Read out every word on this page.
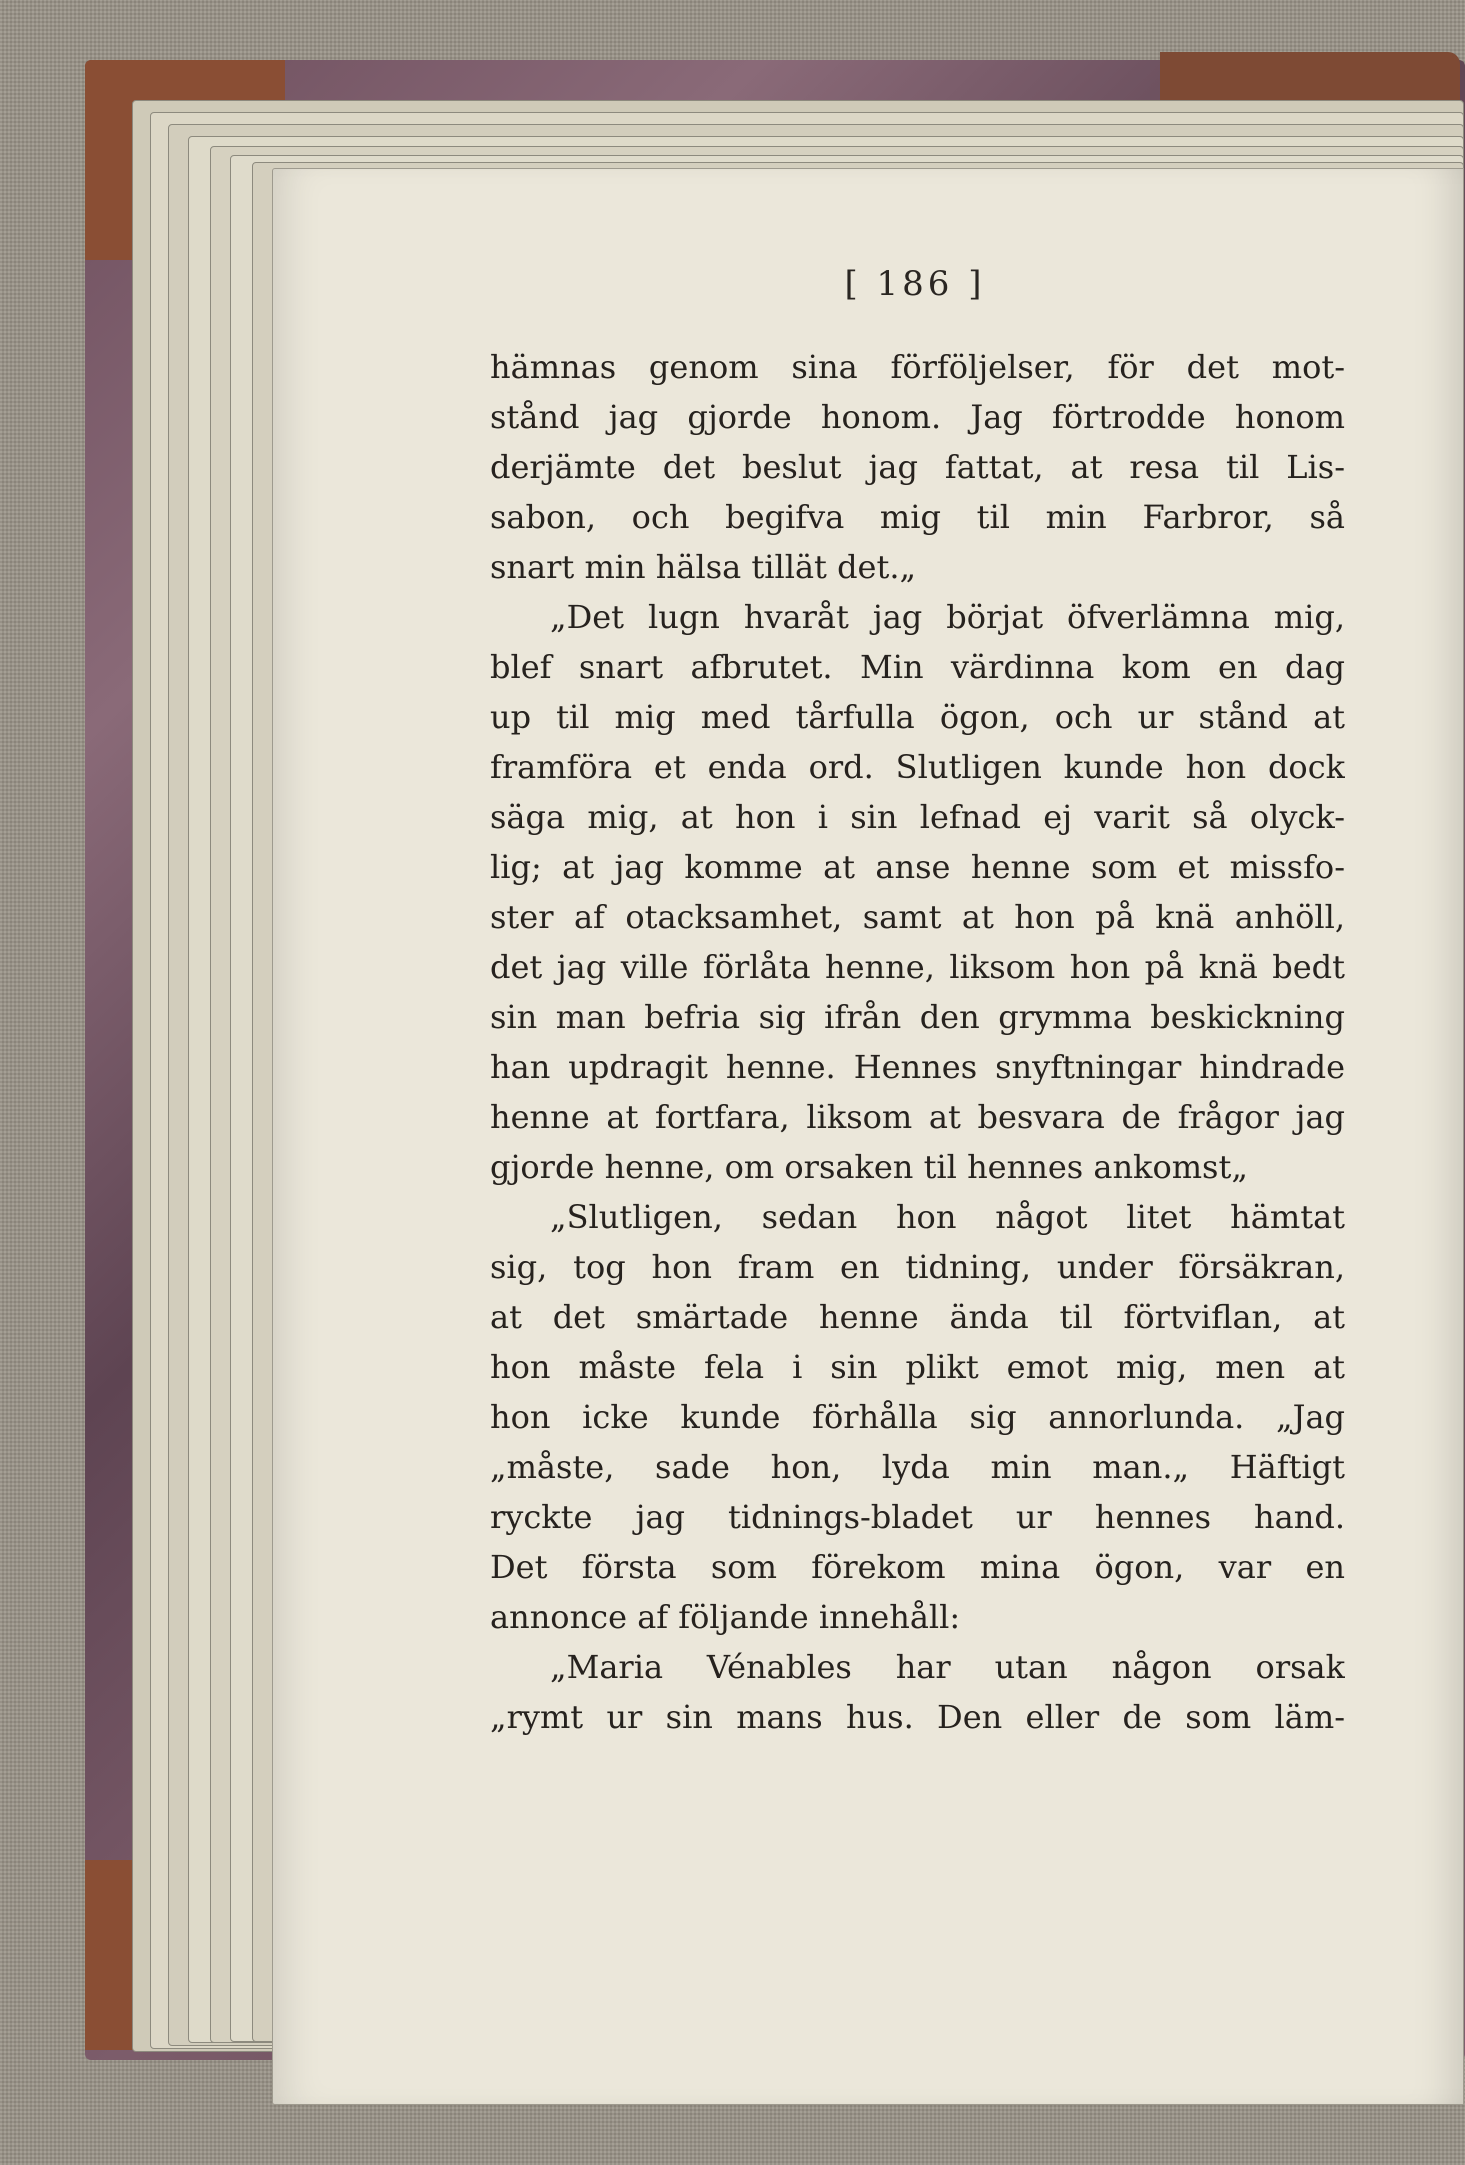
[ 186 ]
hämnas genom sina förföljelser, för det mot-
stånd jag gjorde honom. Jag förtrodde honom
derjämte det beslut jag fattat, at resa til Lis-
sabon, och begifva mig til min Farbror, så
snart min hälsa tillät det.„
„Det lugn hvaråt jag börjat öfverlämna mig,
blef snart afbrutet. Min värdinna kom en dag
up til mig med tårfulla ögon, och ur stånd at
framföra et enda ord. Slutligen kunde hon dock
säga mig, at hon i sin lefnad ej varit så olyck-
lig; at jag komme at anse henne som et missfo-
ster af otacksamhet, samt at hon på knä anhöll,
det jag ville förlåta henne, liksom hon på knä bedt
sin man befria sig ifrån den grymma beskickning
han updragit henne. Hennes snyftningar hindrade
henne at fortfara, liksom at besvara de frågor jag
gjorde henne, om orsaken til hennes ankomst„
„Slutligen, sedan hon något litet hämtat
sig, tog hon fram en tidning, under försäkran,
at det smärtade henne ända til förtviflan, at
hon måste fela i sin plikt emot mig, men at
hon icke kunde förhålla sig annorlunda. „Jag
„måste, sade hon, lyda min man.„ Häftigt
ryckte jag tidnings-bladet ur hennes hand.
Det första som förekom mina ögon, var en
annonce af följande innehåll:
„Maria Vénables har utan någon orsak
„rymt ur sin mans hus. Den eller de som läm-
